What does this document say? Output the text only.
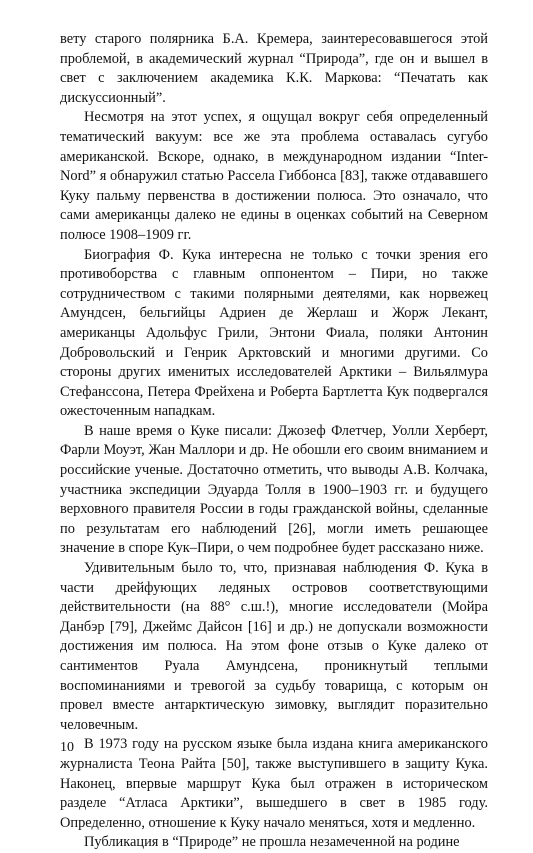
вету старого полярника Б.А. Кремера, заинтересовавшегося этой проблемой, в академический журнал “Природа”, где он и вышел в свет с заключением академика К.К. Маркова: “Печатать как дискуссионный”.

Несмотря на этот успех, я ощущал вокруг себя определенный тематический вакуум: все же эта проблема оставалась сугубо американской. Вскоре, однако, в международном издании “Inter-Nord” я обнаружил статью Рассела Гиббонса [83], также отдававшего Куку пальму первенства в достижении полюса. Это означало, что сами американцы далеко не едины в оценках событий на Северном полюсе 1908–1909 гг.

Биография Ф. Кука интересна не только с точки зрения его противоборства с главным оппонентом – Пири, но также сотрудничеством с такими полярными деятелями, как норвежец Амундсен, бельгийцы Адриен де Жерлаш и Жорж Лекант, американцы Адольфус Грили, Энтони Фиала, поляки Антонин Добровольский и Генрик Арктовский и многими другими. Со стороны других именитых исследователей Арктики – Вильялмура Стефанссона, Петера Фрейхена и Роберта Бартлетта Кук подвергался ожесточенным нападкам.

В наше время о Куке писали: Джозеф Флетчер, Уолли Херберт, Фарли Моуэт, Жан Маллори и др. Не обошли его своим вниманием и российские ученые. Достаточно отметить, что выводы А.В. Колчака, участника экспедиции Эдуарда Толля в 1900–1903 гг. и будущего верховного правителя России в годы гражданской войны, сделанные по результатам его наблюдений [26], могли иметь решающее значение в споре Кук–Пири, о чем подробнее будет рассказано ниже.

Удивительным было то, что, признавая наблюдения Ф. Кука в части дрейфующих ледяных островов соответствующими действительности (на 88° с.ш.!), многие исследователи (Мойра Данбэр [79], Джеймс Дайсон [16] и др.) не допускали возможности достижения им полюса. На этом фоне отзыв о Куке далеко от сантиментов Руала Амундсена, проникнутый теплыми воспоминаниями и тревогой за судьбу товарища, с которым он провел вместе антарктическую зимовку, выглядит поразительно человечным.

В 1973 году на русском языке была издана книга американского журналиста Теона Райта [50], также выступившего в защиту Кука. Наконец, впервые маршрут Кука был отражен в историческом разделе “Атласа Арктики”, вышедшего в свет в 1985 году. Определенно, отношение к Куку начало меняться, хотя и медленно.

Публикация в “Природе” не прошла незамеченной на родине

10
